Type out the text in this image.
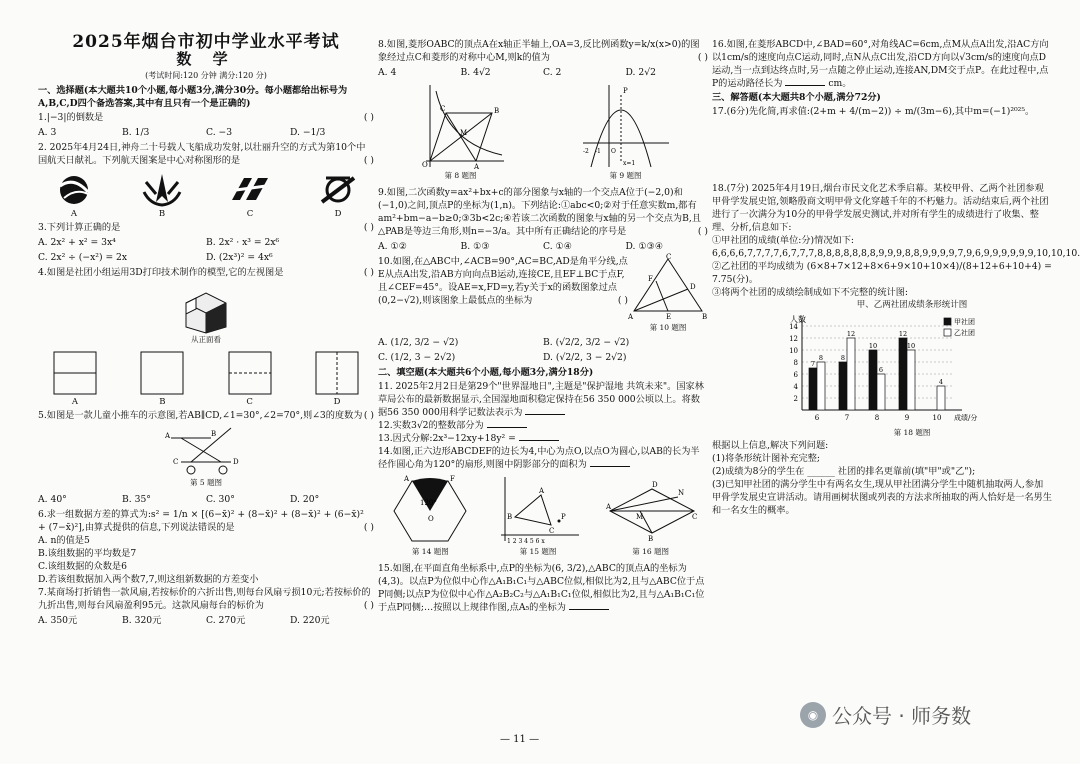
2025年烟台市初中学业水平考试
数 学
(考试时间:120 分钟 满分:120 分)
一、选择题(本大题共10个小题,每小题3分,满分30分。每小题都给出标号为A,B,C,D四个备选答案,其中有且只有一个是正确的)
( )
1.|−3|的倒数是
A. 3	B. 1/3	C. −3	D. −1/3
2. 2025年4月24日,神舟二十号载人飞船成功发射,以壮丽升空的方式为第10个中国航天日献礼。下列航天图案是中心对称图形的是	( )
A	B	C	D
( )
3.下列计算正确的是
A. 2x² + x² = 3x⁴	B. 2x² · x³ = 2x⁶
C. 2x² ÷ (−x²) = 2x	D. (2x³)² = 4x⁶
( )
4.如图是社团小组运用3D打印技术制作的模型,它的左视图是
从正面看
A	B	C	D
5.如图是一款儿童小推车的示意图,若AB∥CD,∠1=30°,∠2=70°,则∠3的度数为 ( )
A	B
C	D
第 5 题图
A. 40°	B. 35°	C. 30°	D. 20°
6.求一组数据方差的算式为:s² = 1/n × [(6−x̄)² + (8−x̄)² + (8−x̄)² + (6−x̄)² + (7−x̄)²],由算式提供的信息,下列说法错误的是	( )
A. n的值是5
B.该组数据的平均数是7
C.该组数据的众数是6
D.若该组数据加入两个数7,7,则这组新数据的方差变小
7.某商场打折销售一款风扇,若按标价的六折出售,则每台风扇亏损10元;若按标价的九折出售,则每台风扇盈利95元。这款风扇每台的标价为	( )
A. 350元	B. 320元	C. 270元	D. 220元
8.如图,菱形OABC的顶点A在x轴正半轴上,OA=3,反比例函数y=k/x(x>0)的图象经过点C和菱形的对称中心M,则k的值为	( )
A. 4	B. 4√2	C. 2	D. 2√2
O	A
B
C
M
第 8 题图
P
-2 -1 O
x=1
第 9 题图
9.如图,二次函数y=ax²+bx+c的部分图象与x轴的一个交点A位于(−2,0)和(−1,0)之间,顶点P的坐标为(1,n)。下列结论:①abc<0;②对于任意实数m,都有am²+bm−a−b≥0;③3b<2c;④若该二次函数的图象与x轴的另一个交点为B,且△PAB是等边三角形,则n=−3/a。其中所有正确结论的序号是	( )
A. ①②	B. ①③	C. ①④	D. ①③④
10.如图,在△ABC中,∠ACB=90°,AC=BC,AD是角平分线,点E从点A出发,沿AB方向向点B运动,连接CE,且EF⊥BC于点F,且∠CEF=45°。设AE=x,FD=y,若y关于x的函数图象过点(0,2−√2),则该图象上最低点的坐标为	( )
A	B
C
D
E
F
第 10 题图
A. (1/2, 3/2 − √2)	B. (√2/2, 3/2 − √2)
C. (1/2, 3 − 2√2)	D. (√2/2, 3 − 2√2)
二、填空题(本大题共6个小题,每小题3分,满分18分)
11. 2025年2月2日是第29个"世界湿地日",主题是"保护湿地 共筑未来"。国家林草局公布的最新数据显示,全国湿地面积稳定保持在56 350 000公顷以上。将数据56 350 000用科学记数法表示为
12.实数3√2的整数部分为
13.因式分解:2x³−12xy+18y² =
14.如图,正六边形ABCDEF的边长为4,中心为点O,以点O为圆心,以AB的长为半径作圆心角为120°的扇形,则图中阴影部分的面积为
120°
O
A	F
第 14 题图
P
B
A
C
1 2 3 4 5 6 x
第 15 题图
A
D
C
B
N
M
第 16 题图
15.如图,在平面直角坐标系中,点P的坐标为(6, 3/2),△ABC的顶点A的坐标为(4,3)。以点P为位似中心作△A₁B₁C₁与△ABC位似,相似比为2,且与△ABC位于点P同侧;以点P为位似中心作△A₂B₂C₂与△A₁B₁C₁位似,相似比为2,且与△A₁B₁C₁位于点P同侧;…按照以上规律作图,点A₅的坐标为
16.如图,在菱形ABCD中,∠BAD=60°,对角线AC=6cm,点M从点A出发,沿AC方向以1cm/s的速度向点C运动,同时,点N从点C出发,沿CD方向以√3cm/s的速度向点D运动,当一点到达终点时,另一点随之停止运动,连接AN,DM交于点P。在此过程中,点P的运动路径长为	cm。
三、解答题(本大题共8个小题,满分72分)
17.(6分)先化简,再求值:(2+m + 4/(m−2)) ÷ m/(3m−6),其中m=(−1)²⁰²⁵。
18.(7分) 2025年4月19日,烟台市民文化艺术季启幕。某校甲骨、乙两个社团参观甲骨学发展史馆,领略殷商文明甲骨文化穿越千年的不朽魅力。活动结束后,两个社团进行了一次满分为10分的甲骨学发展史测试,并对所有学生的成绩进行了收集、整理、分析,信息如下:
①甲社团的成绩(单位:分)情况如下:
6,6,6,6,7,7,7,7,6,7,7,7,8,8,8,8,8,8,8,9,9,9,8,8,9,9,9,9,7,9,6,9,9,9,9,9,9,10,10,10.
②乙社团的平均成绩为 (6×8+7×12+8×6+9×10+10×4)/(8+12+6+10+4) = 7.75(分)。
③将两个社团的成绩绘制成如下不完整的统计图:
甲、乙两社团成绩条形统计图
2
4
6
8
10
12
14
人数
成绩/分
6
7
8
7
8
12
8
10
6
9
12
10
10
4
甲社团
乙社团
第 18 题图
根据以上信息,解决下列问题:
(1)将条形统计图补充完整;
(2)成绩为8分的学生在 ______ 社团的排名更靠前(填"甲"或"乙");
(3)已知甲社团的满分学生中有两名女生,现从甲社团满分学生中随机抽取两人,参加甲骨学发展史宣讲活动。请用画树状图或列表的方法求所抽取的两人恰好是一名男生和一名女生的概率。
— 11 —
◉ 公众号 · 师务数
